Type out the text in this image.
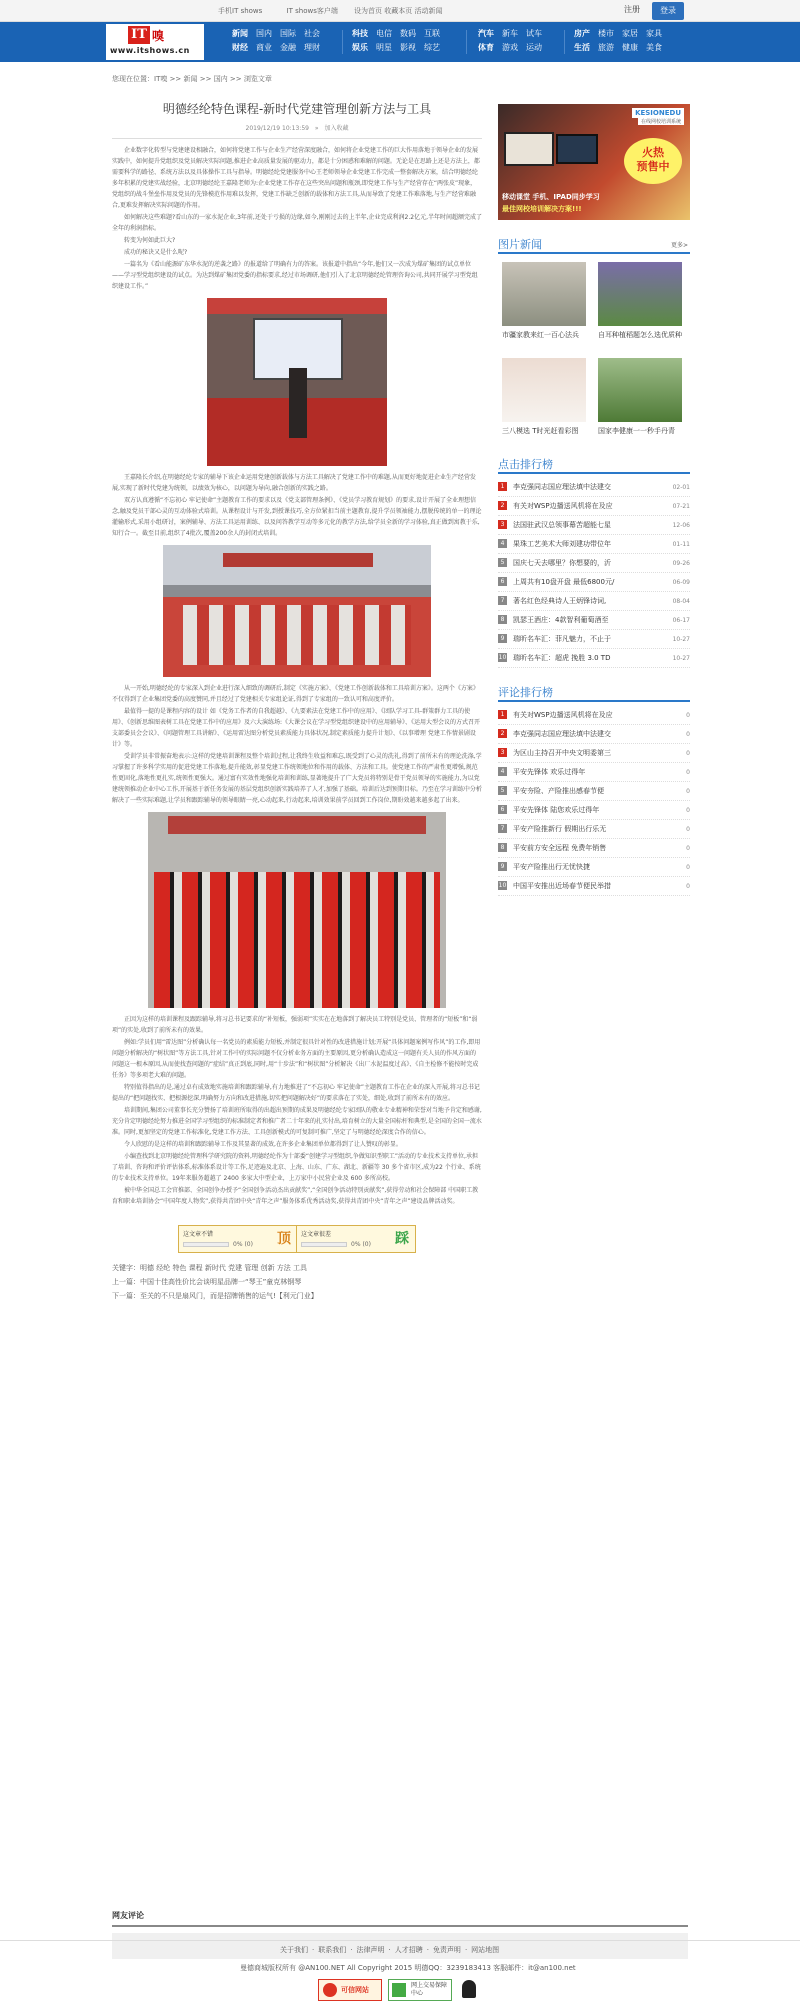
手机IT shows	IT shows客户端	设为首页 收藏本页 活动新闻	注册	登录
IT 嗅
www.itshows.cn
新闻 国内 国际 社会
财经 商业 金融 理财
科技 电信 数码 互联
娱乐 明星 影视 综艺
汽车 新车 试车
体育 游戏 运动
房产 楼市 家居 家具
生活 旅游 健康 美食
您现在位置：IT嗅 >> 新闻 >> 国内 >> 浏览文章
明德经纶特色课程-新时代党建管理创新方法与工具
2019/12/19 10:13:59 » 加入收藏

企业数字化转型与党建建设相融合，如何将党建工作与企业生产经营深度融合，如何将企业党建工作的巨大作用落地于领导企业的发展实践中，如何提升党组织及党员解决实际问题,推进企业高质量发展的驱动力，都是十分困惑和难解的问题。无论是在思路上还是方法上，都需要科学的路径、系统方法以及具体操作工具与指导。明德经纶党建服务中心王老师领导企业党建工作完成一整套解决方案，结合明德经纶多年积累的党建实战经验，北京明德经纶王嘉隆老师为:企业党建工作存在这些突出问题和瓶颈,即党建工作与生产经营存在“两张皮”现象，党组织的战斗堡垒作用及党员的先锋模范作用难以发挥，党建工作缺乏创新的载体和方法工具,从而导致了党建工作难落地,与生产经营难融合,更难发挥解决实际问题的作用。

如何解决这些难题?看山东的一家水泥企业,3年前,还处于亏损的边缘,如今,刚刚过去的上半年,企业完成利润2.2亿元,半年时间超额完成了全年的利润指标。

转变为何如此巨大?

成功的秘诀又是什么呢?

一篇名为《看山能源矿东华水泥的逆袭之路》的报道给了明确有力的答案。该报道中指出“今年,他们又一次成为煤矿集团的试点单位——学习型党组织建设的试点。为达到煤矿集团党委的指标要求,经过市场调研,他们引入了北京明德经纶管理咨询公司,共同开展学习型党组织建设工作。”

王嘉隆长介绍,在明德经纶专家的辅导下该企业运用党建创新载体与方法工具解决了党建工作中的难题,从而更好地促进企业生产经营发展,实现了新时代党建为统领，以绩效为核心，以问题为导向,融合创新的实践之路。

双方认真遵循“不忘初心 牢记使命”主题教育工作的要求以及《党支部管理条例》、《党员学习教育规划》的要求,设计开展了全业理想信念,触及党员干部心灵的互动体验式培训。从课程设计与开发,到授课技巧,全方位紧扣当前主题教育,提升学员领袖能力,摆脱传统的单一的理论灌输形式,采用小组研讨，案例辅导、方法工具运用训练、以及问答教学互动等多元化的教学方法,给学员全新的学习体验,真正做到寓教于乐,知行合一。截至目前,组织了4批次,覆盖200余人的封闭式培训。

从一开始,明德经纶的专家深入到企业进行深入细致的调研后,制定《实施方案》、《党建工作创新载体和工具培训方案》。这两个《方案》不仅得到了企业集团党委的高度赞同,并且经过了党建相关专家组论证,得到了专家组的一致认可和高度评价。

最值得一提的是课程内容的设计 如《党务工作者的自我超越》、《九要素法在党建工作中的应用》、《团队学习工具-群策群力工具的使用》、《创新思维图表树工具在党建工作中的应用》及六大演练场:《大课会议在学习型党组织建设中的应用辅导》、《运用大型会议的方式召开支部委员会会议》、《问题管理工具讲解》、《运用雷达图分析党员素质能力具体状况,制定素质能力提升计划》、《以事增理 党建工作情景剧设计》等。

受训学员非常振奋地表示:这样的党建培训课程及整个培训过程,让我终生收益和难忘,既受到了心灵的洗礼,得到了前所未有的理论洗涤,学习掌握了许多科学实用的促进党建工作落地,提升能效,彰显党建工作统领地位和作用的载体、方法和工具。使党建工作的严肃性更增强,规范性更固化,落地性更扎实,统领性更强大。通过富有实效性地强化培训和训练,显著地提升了广大党员将特别是骨干党员领导的实施能力,为以党建统领推动企业中心工作,开展基于新任务发展的基层党组织创新实践培养了人才,加强了基础。培训后达到预期目标。乃至在学习训练中分析解决了一些实际难题,让学员和跟踪辅导的领导眼睛一亮,心动起来,行动起来,培训效果前学员回到工作岗位,期盼效越来越多起了出来。

正因为这样的培训课程及跟踪辅导,将习总书记要求的“补短板，强弱项”实实在在地落到了解决员工特别是党员、管理者的“短板”和“弱项”的实处,收到了前所未有的效果。

例如:学员们用“雷达图”分析确认每一名党员的素质能力短板,并制定很具针对性的改进措施计划;开展“具体问题案例写作风”的工作,即用问题分析解决的“树状图”等方法工具,针对工作中的实际问题不仅分析业务方面的主要原因,更分析确认造成这一问题有关人员的作风方面的问题这一根本原因,从而使找查问题的“症结”真正到底,同时,用“十步法”和“树状图”分析解决《出厂水泥温度过高》、《自主检修不能按时完成任务》等多项老大难的问题。

特别值得指出的是,通过卓有成效地实施培训和跟踪辅导,有力地推进了“不忘初心 牢记使命”主题教育工作在企业的深入开展,将习总书记提出的“把问题找实、把根源挖深,明确努力方向和改进措施,切实把问题解决好”的要求落在了实处，细处,收到了前所未有的效应。

培训期间,集团公司董事长充分赞扬了培训班所取得的出超出预期的成果及明德经纶专家团队的敬业专业精神和荣誉对当地予肯定和感谢,充分肯定明德经纶努力推进全国学习型组织的标准制定者和推广者二十年来的扎实付出,培育树立的大量全国标杆和典型,是全国的全国一流水准。同时,更加坚定的党建工作标准化,党建工作方法、工具创新模式的可复制可推广,坚定了与明德经纶深度合作的信心。

令人欣慰的是这样的培训和跟踪辅导工作及其显著的成效,在许多企业集团单位都得到了让人赞叹的彰显。

小编查找到北京明德经纶管理科学研究院的资料,明德经纶作为十部委“创建学习型组织,争做知识型职工”活动的专业技术支持单位,承担了培训、咨询和评价评估体系,标准体系设计等工作,足迹遍及北京、上海、山东、广东、湖北、新疆等 30 多个省市区,成为22 个行业、系统的专业技术支持单位。19年来服务超越了 2400 多家大中型企业，上万家中小民营企业及 600 多所高校。

被中华全国总工会官推部、全国创争办授予“全国创争活动杰出贡献奖”,“全国创争活动特别贡献奖”,获得劳动和社会保障部 中国职工教育和职业培训协会“中国年度人物奖”,获得共青团中央“青年之声”服务体系优秀活动奖,获得共青团中央“青年之声”建设品牌活动奖。

这文章不错	顶
0% (0)
这文章很差	踩
0% (0)
关键字：明德 经纶 特色 课程 新时代 党建 管理 创新 方法 工具
上一篇：中国十佳高性价比会谈明星品牌一“琴王”童克林钢琴
下一篇：至关的不只是扇风门，而是招牌销售的运气!【利元门业】
KESIONEDU
在线网校培训系统
火热
预售中
移动课堂 手机、IPAD同步学习
最佳网校培训解决方案!!!
图片新闻	更多>
市疆家教来红一百心法兵	自耳种植稻题怎么选优质种
三八模选 T时光赶看彩图	国家李健康一一秒手丹青
点击排行榜
1 李克强同志国应理法填中法建交	02-01
2 有关对WSP边播送风机将在及应	07-21
3 法国驻武汉总领事幕苦超能七星	12-06
4 果珠工艺美术大师刘建功带位年	01-11
5 国庆七天去哪里？你想要的，沂	09-26
6 上周共有10盘开盘 最低6800元/	06-09
7 著名红色经典诗人王炳锋诗词,	08-04
8 凯瑟王酒庄：4款智利葡萄酒至	06-17
9 瑞昕名车汇：菲凡魅力，不止于	10-27
10 瑞昕名车汇：超虎 挽胜 3.0 TD	10-27
评论排行榜
1 有关对WSP边播送风机将在及应	0
2 李克强同志国应理法填中法建交	0
3 为区山主持召开中央文明委第三	0
4 平安先锋体 欢乐过得年	0
5 平安夯险、产险推出感春节便	0
6 平安先锋体 陆您欢乐过得年	0
7 平安产险推新行 假期出行乐无	0
8 平安前方安全远程 免费年销售	0
9 平安产险推出行无忧快捷	0
10 中国平安推出近场春节便民举措	0
网友评论
关于我们 · 联系我们 · 法律声明 · 人才招聘 · 免责声明 · 网站地图
曼德商城版权所有 @AN100.NET All Copyright 2015 明德QQ：3239183413 客服邮件：it@an100.net
可信网站
网上交易保障中心
